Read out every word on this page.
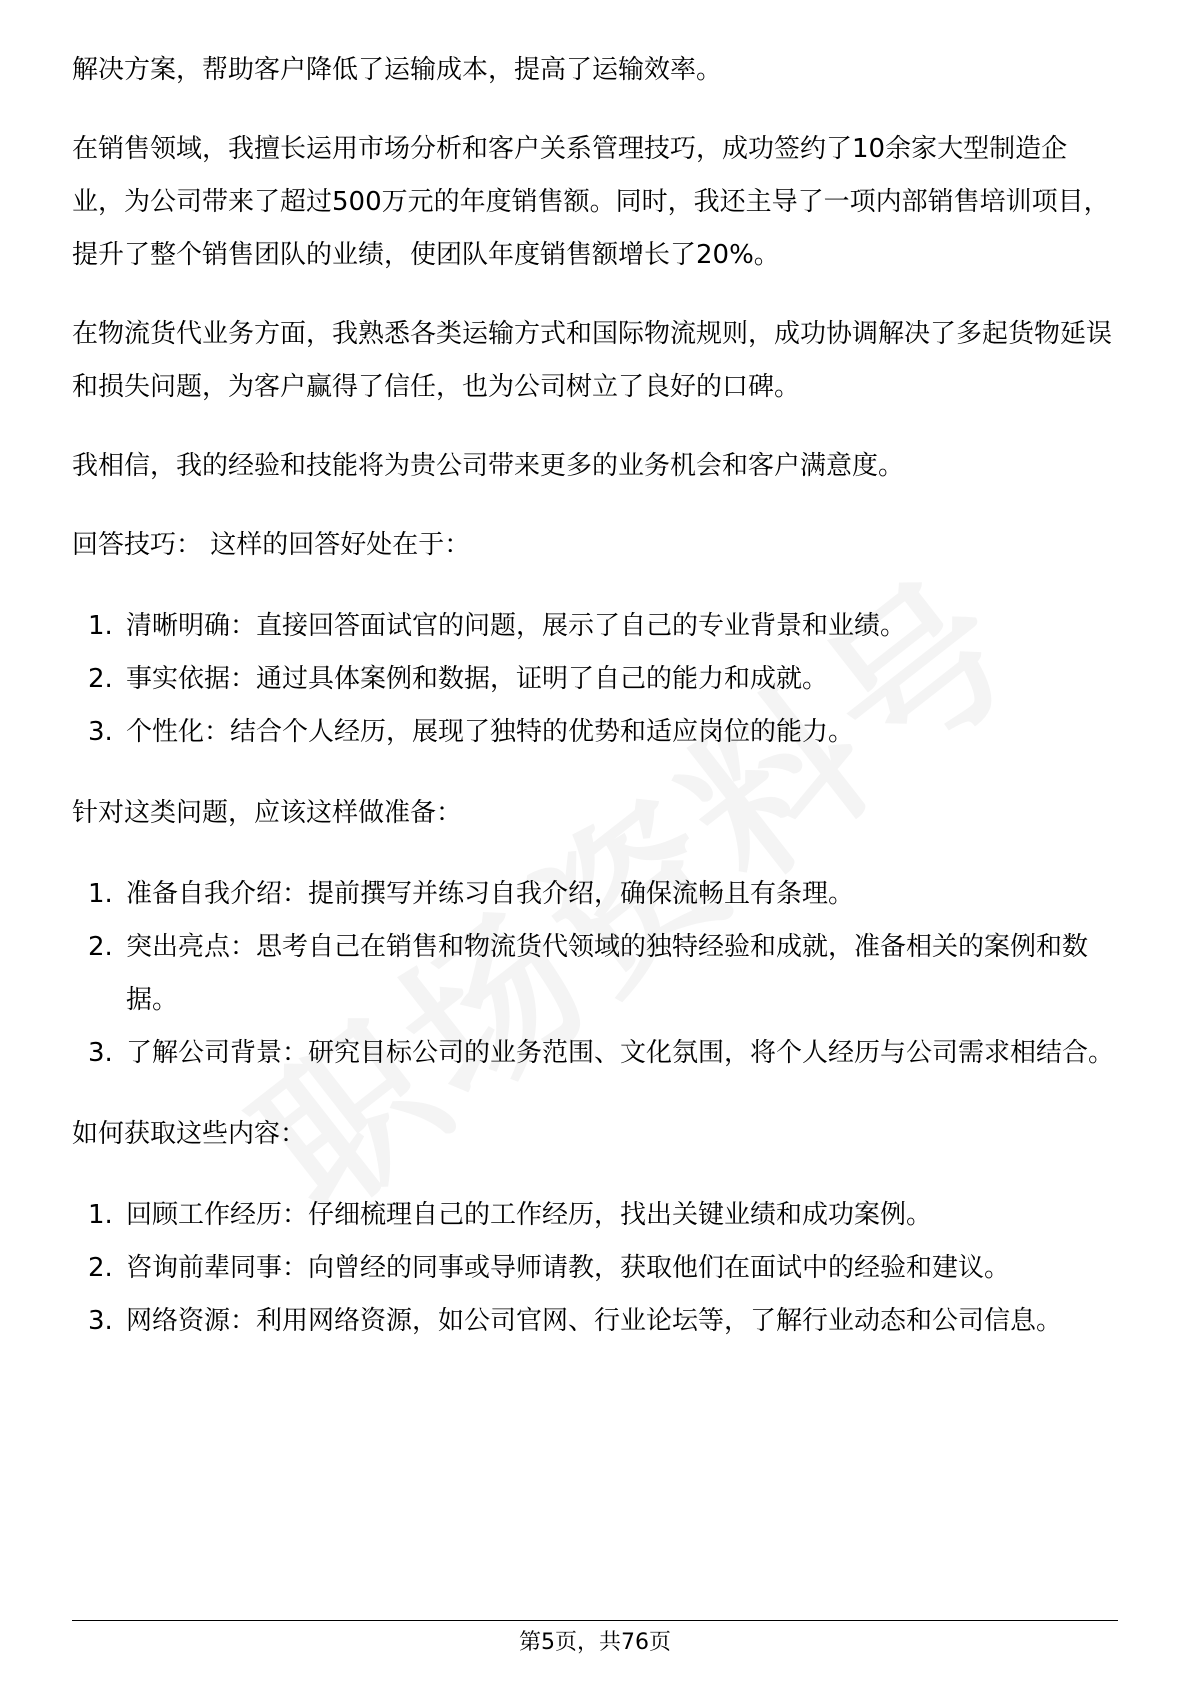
解决方案，帮助客户降低了运输成本，提高了运输效率。

在销售领域，我擅长运用市场分析和客户关系管理技巧，成功签约了10余家大型制造企业，为公司带来了超过500万元的年度销售额。同时，我还主导了一项内部销售培训项目，提升了整个销售团队的业绩，使团队年度销售额增长了20%。

在物流货代业务方面，我熟悉各类运输方式和国际物流规则，成功协调解决了多起货物延误和损失问题，为客户赢得了信任，也为公司树立了良好的口碑。

我相信，我的经验和技能将为贵公司带来更多的业务机会和客户满意度。

回答技巧： 这样的回答好处在于：

1. 清晰明确：直接回答面试官的问题，展示了自己的专业背景和业绩。
2. 事实依据：通过具体案例和数据，证明了自己的能力和成就。
3. 个性化：结合个人经历，展现了独特的优势和适应岗位的能力。

针对这类问题，应该这样做准备：

1. 准备自我介绍：提前撰写并练习自我介绍，确保流畅且有条理。
2. 突出亮点：思考自己在销售和物流货代领域的独特经验和成就，准备相关的案例和数据。
3. 了解公司背景：研究目标公司的业务范围、文化氛围，将个人经历与公司需求相结合。

如何获取这些内容：

1. 回顾工作经历：仔细梳理自己的工作经历，找出关键业绩和成功案例。
2. 咨询前辈同事：向曾经的同事或导师请教，获取他们在面试中的经验和建议。
3. 网络资源：利用网络资源，如公司官网、行业论坛等，了解行业动态和公司信息。
第5页，共76页
